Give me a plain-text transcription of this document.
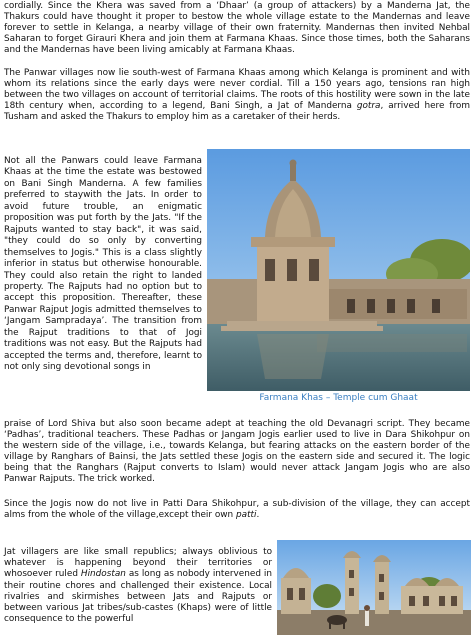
cordially. Since the Khera was saved from a ‘Dhaar’ (a group of attackers) by a Manderna Jat, the Thakurs could have thought it proper to bestow the whole village estate to the Mandernas and leave forever to settle in Kelanga, a nearby village of their own fraternity. Mandernas then invited Nehbal Saharan to forget Girauri Khera and join them at Farmana Khaas. Since those times, both the Saharans and the Mandernas have been living amicably at Farmana Khaas.

The Panwar villages now lie south-west of Farmana Khaas among which Kelanga is prominent and with whom its relations since the early days were never cordial. Till a 150 years ago, tensions ran high between the two villages on account of territorial claims. The roots of this hostility were sown in the late 18th century when, according to a legend, Bani Singh, a Jat of Manderna gotra, arrived here from Tusham and asked the Thakurs to employ him as a caretaker of their herds.

Not all the Panwars could leave Farmana Khaas at the time the estate was bestowed on Bani Singh Manderna. A few families preferred to staywith the Jats. In order to avoid future trouble, an enigmatic proposition was put forth by the Jats. "If the Rajputs wanted to stay back", it was said, "they could do so only by converting themselves to Jogis." This is a class slightly inferior in status but otherwise honourable. They could also retain the right to landed property. The Rajputs had no option but to accept this proposition. Thereafter, these Panwar Rajput Jogis admitted themselves to ‘Jangam Sampradaya’. The transition from the Rajput traditions to that of Jogi traditions was not easy. But the Rajputs had accepted the terms and, therefore, learnt to not only sing devotional songs in

Farmana Khas – Temple cum Ghaat

praise of Lord Shiva but also soon became adept at teaching the old Devanagri script. They became ‘Padhas’, traditional teachers. These Padhas or Jangam Jogis earlier used to live in Dara Shikohpur on the western side of the village, i.e., towards Kelanga, but fearing attacks on the eastern border of the village by Ranghars of Bainsi, the Jats settled these Jogis on the eastern side and secured it. The logic being that the Ranghars (Rajput converts to Islam) would never attack Jangam Jogis who are also Panwar Rajputs. The trick worked.

Since the Jogis now do not live in Patti Dara Shikohpur, a sub-division of the village, they can accept alms from the whole of the village,except their own patti.

Jat villagers are like small republics; always oblivious to whatever is happening beyond their territories or whosoever ruled Hindostan as long as nobody intervened in their routine chores and challenged their existence. Local rivalries and skirmishes between Jats and Rajputs or between various Jat tribes/sub-castes (Khaps) were of little consequence to the powerful
